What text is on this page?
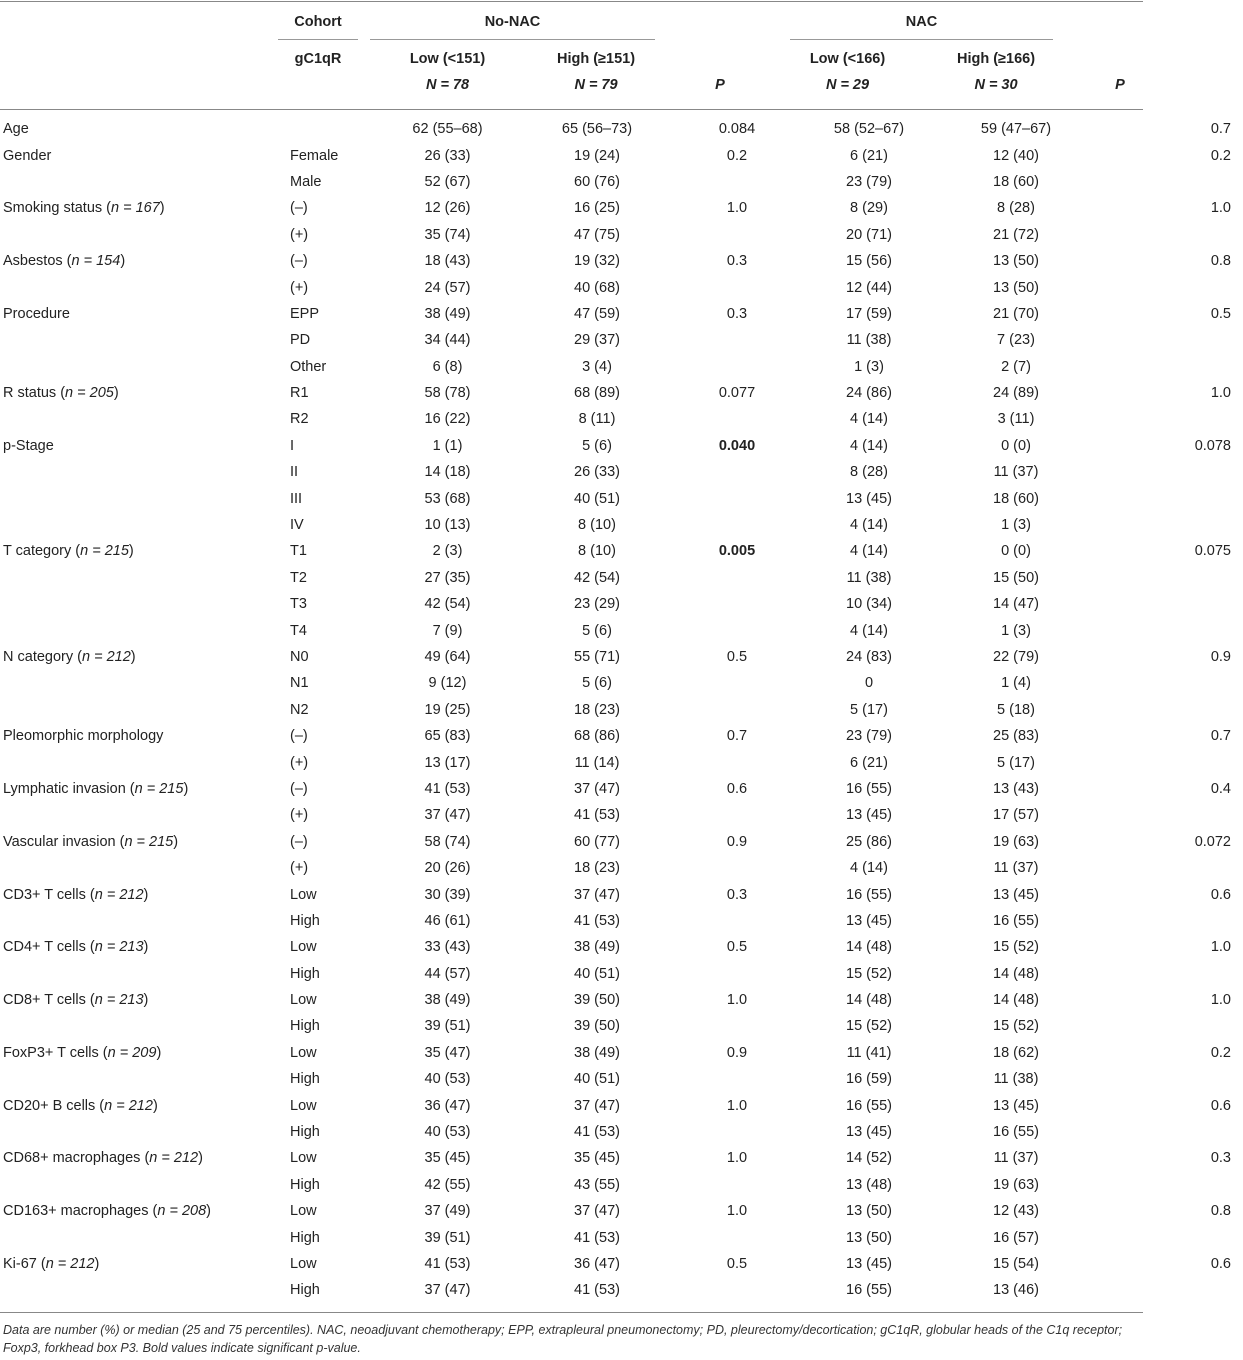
Cohort	No-NAC	NAC
gC1qR	Low (<151)	High (≥151)	Low (<166)	High (≥166)
N = 78	N = 79	P	N = 29	N = 30	P
Age		62 (55–68)	65 (56–73)	0.084	58 (52–67)	59 (47–67)	0.7
Gender	Female	26 (33)	19 (24)	0.2	6 (21)	12 (40)	0.2
	Male	52 (67)	60 (76)		23 (79)	18 (60)	
Smoking status (n = 167)	(–)	12 (26)	16 (25)	1.0	8 (29)	8 (28)	1.0
	(+)	35 (74)	47 (75)		20 (71)	21 (72)	
Asbestos (n = 154)	(–)	18 (43)	19 (32)	0.3	15 (56)	13 (50)	0.8
	(+)	24 (57)	40 (68)		12 (44)	13 (50)	
Procedure	EPP	38 (49)	47 (59)	0.3	17 (59)	21 (70)	0.5
	PD	34 (44)	29 (37)		11 (38)	7 (23)	
	Other	6 (8)	3 (4)		1 (3)	2 (7)	
R status (n = 205)	R1	58 (78)	68 (89)	0.077	24 (86)	24 (89)	1.0
	R2	16 (22)	8 (11)		4 (14)	3 (11)	
p-Stage	I	1 (1)	5 (6)	0.040	4 (14)	0 (0)	0.078
	II	14 (18)	26 (33)		8 (28)	11 (37)	
	III	53 (68)	40 (51)		13 (45)	18 (60)	
	IV	10 (13)	8 (10)		4 (14)	1 (3)	
T category (n = 215)	T1	2 (3)	8 (10)	0.005	4 (14)	0 (0)	0.075
	T2	27 (35)	42 (54)		11 (38)	15 (50)	
	T3	42 (54)	23 (29)		10 (34)	14 (47)	
	T4	7 (9)	5 (6)		4 (14)	1 (3)	
N category (n = 212)	N0	49 (64)	55 (71)	0.5	24 (83)	22 (79)	0.9
	N1	9 (12)	5 (6)		0	1 (4)	
	N2	19 (25)	18 (23)		5 (17)	5 (18)	
Pleomorphic morphology	(–)	65 (83)	68 (86)	0.7	23 (79)	25 (83)	0.7
	(+)	13 (17)	11 (14)		6 (21)	5 (17)	
Lymphatic invasion (n = 215)	(–)	41 (53)	37 (47)	0.6	16 (55)	13 (43)	0.4
	(+)	37 (47)	41 (53)		13 (45)	17 (57)	
Vascular invasion (n = 215)	(–)	58 (74)	60 (77)	0.9	25 (86)	19 (63)	0.072
	(+)	20 (26)	18 (23)		4 (14)	11 (37)	
CD3+ T cells (n = 212)	Low	30 (39)	37 (47)	0.3	16 (55)	13 (45)	0.6
	High	46 (61)	41 (53)		13 (45)	16 (55)	
CD4+ T cells (n = 213)	Low	33 (43)	38 (49)	0.5	14 (48)	15 (52)	1.0
	High	44 (57)	40 (51)		15 (52)	14 (48)	
CD8+ T cells (n = 213)	Low	38 (49)	39 (50)	1.0	14 (48)	14 (48)	1.0
	High	39 (51)	39 (50)		15 (52)	15 (52)	
FoxP3+ T cells (n = 209)	Low	35 (47)	38 (49)	0.9	11 (41)	18 (62)	0.2
	High	40 (53)	40 (51)		16 (59)	11 (38)	
CD20+ B cells (n = 212)	Low	36 (47)	37 (47)	1.0	16 (55)	13 (45)	0.6
	High	40 (53)	41 (53)		13 (45)	16 (55)	
CD68+ macrophages (n = 212)	Low	35 (45)	35 (45)	1.0	14 (52)	11 (37)	0.3
	High	42 (55)	43 (55)		13 (48)	19 (63)	
CD163+ macrophages (n = 208)	Low	37 (49)	37 (47)	1.0	13 (50)	12 (43)	0.8
	High	39 (51)	41 (53)		13 (50)	16 (57)	
Ki-67 (n = 212)	Low	41 (53)	36 (47)	0.5	13 (45)	15 (54)	0.6
	High	37 (47)	41 (53)		16 (55)	13 (46)	
Data are number (%) or median (25 and 75 percentiles). NAC, neoadjuvant chemotherapy; EPP, extrapleural pneumonectomy; PD, pleurectomy/decortication; gC1qR, globular heads of the C1q receptor; Foxp3, forkhead box P3. Bold values indicate significant p-value.
